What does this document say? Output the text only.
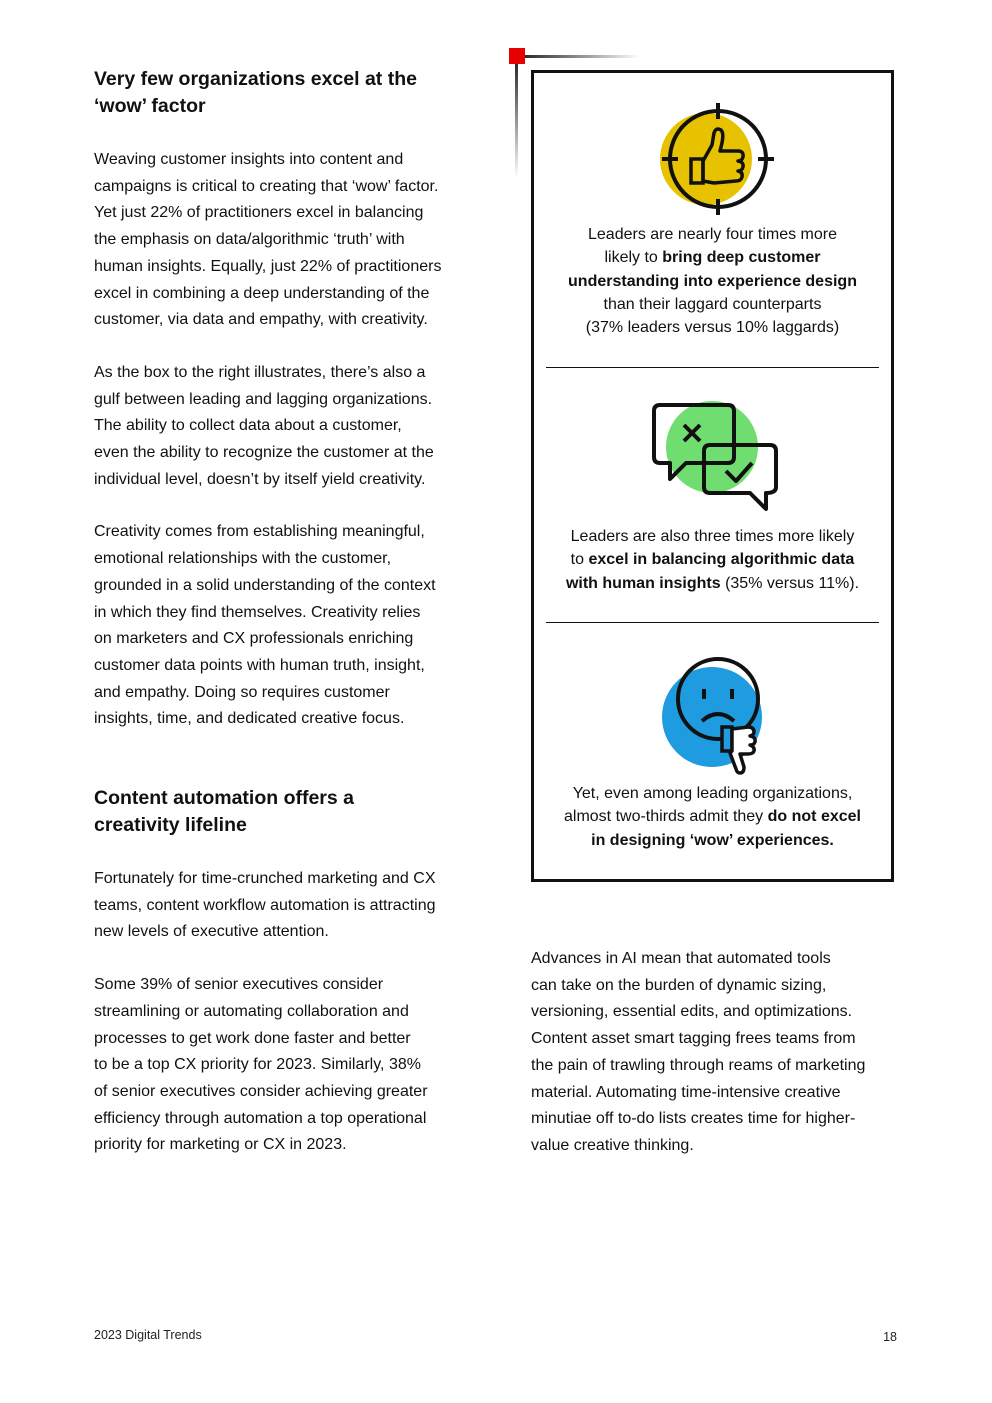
Very few organizations excel at the
‘wow’ factor

Weaving customer insights into content and
campaigns is critical to creating that ‘wow’ factor.
Yet just 22% of practitioners excel in balancing
the emphasis on data/algorithmic ‘truth’ with
human insights. Equally, just 22% of practitioners
excel in combining a deep understanding of the
customer, via data and empathy, with creativity.

As the box to the right illustrates, there’s also a
gulf between leading and lagging organizations.
The ability to collect data about a customer,
even the ability to recognize the customer at the
individual level, doesn’t by itself yield creativity.

Creativity comes from establishing meaningful,
emotional relationships with the customer,
grounded in a solid understanding of the context
in which they find themselves. Creativity relies
on marketers and CX professionals enriching
customer data points with human truth, insight,
and empathy. Doing so requires customer
insights, time, and dedicated creative focus.

Content automation offers a
creativity lifeline

Fortunately for time-crunched marketing and CX
teams, content workflow automation is attracting
new levels of executive attention.

Some 39% of senior executives consider
streamlining or automating collaboration and
processes to get work done faster and better
to be a top CX priority for 2023. Similarly, 38%
of senior executives consider achieving greater
efficiency through automation a top operational
priority for marketing or CX in 2023.

Leaders are nearly four times more
likely to bring deep customer
understanding into experience design
than their laggard counterparts
(37% leaders versus 10% laggards)
Leaders are also three times more likely
to excel in balancing algorithmic data
with human insights (35% versus 11%).
Yet, even among leading organizations,
almost two-thirds admit they do not excel
in designing ‘wow’ experiences.

Advances in AI mean that automated tools
can take on the burden of dynamic sizing,
versioning, essential edits, and optimizations.
Content asset smart tagging frees teams from
the pain of trawling through reams of marketing
material. Automating time-intensive creative
minutiae off to-do lists creates time for higher-
value creative thinking.

2023 Digital Trends	18
